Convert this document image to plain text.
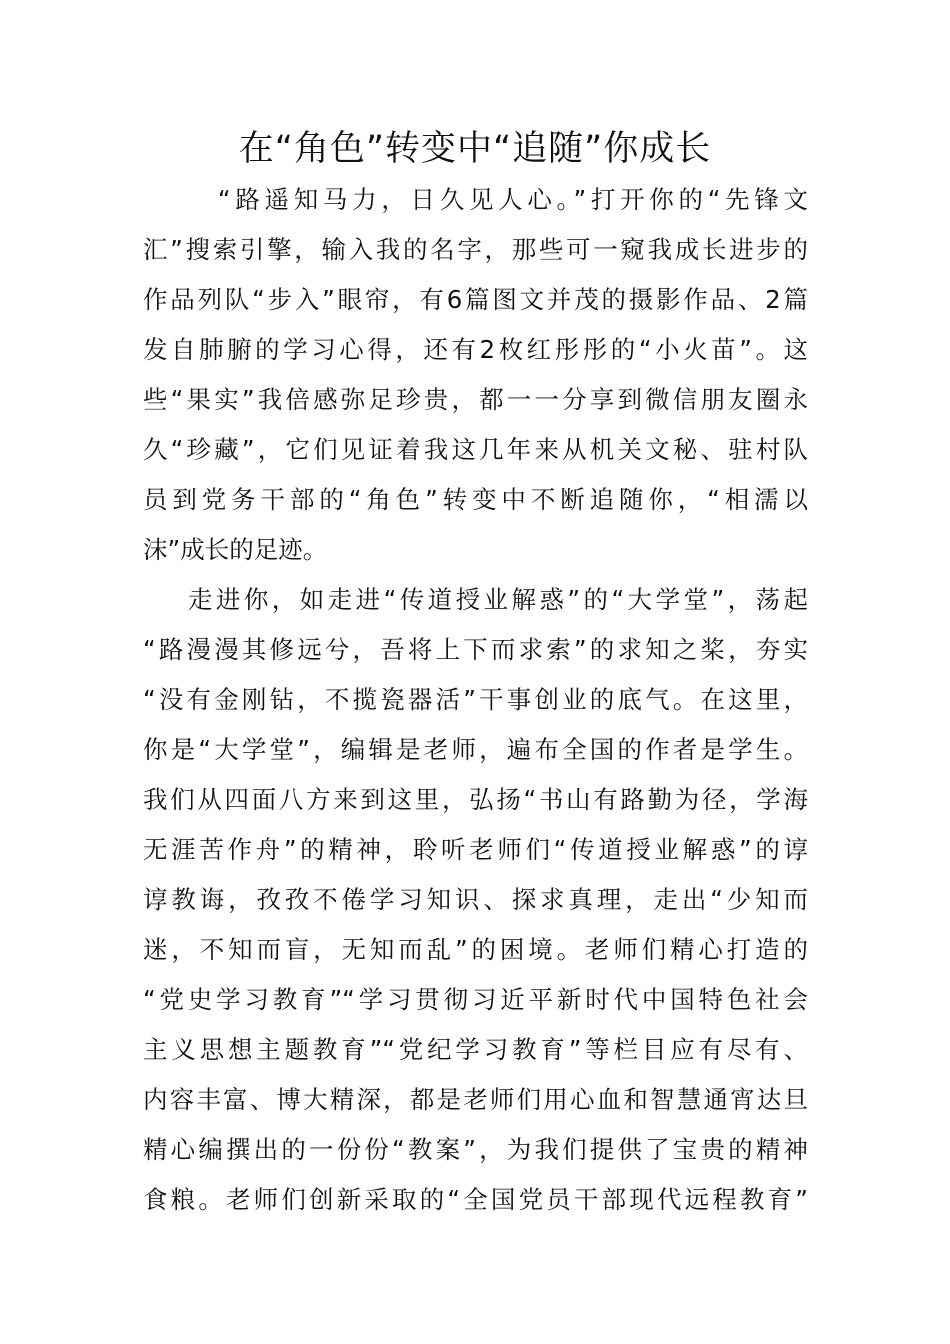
在“角色”转变中“追随”你成长
“路遥知马力，日久见人心。”打开你的“先锋文
汇”搜索引擎，输入我的名字，那些可一窥我成长进步的
作品列队“步入”眼帘，有6篇图文并茂的摄影作品、2篇
发自肺腑的学习心得，还有2枚红彤彤的“小火苗”。这
些“果实”我倍感弥足珍贵，都一一分享到微信朋友圈永
久“珍藏”，它们见证着我这几年来从机关文秘、驻村队
员到党务干部的“角色”转变中不断追随你，“相濡以
沫”成长的足迹。
走进你，如走进“传道授业解惑”的“大学堂”，荡起
“路漫漫其修远兮，吾将上下而求索”的求知之桨，夯实
“没有金刚钻，不揽瓷器活”干事创业的底气。在这里，
你是“大学堂”，编辑是老师，遍布全国的作者是学生。
我们从四面八方来到这里，弘扬“书山有路勤为径，学海
无涯苦作舟”的精神，聆听老师们“传道授业解惑”的谆
谆教诲，孜孜不倦学习知识、探求真理，走出“少知而
迷，不知而盲，无知而乱”的困境。老师们精心打造的
“党史学习教育”“学习贯彻习近平新时代中国特色社会
主义思想主题教育”“党纪学习教育”等栏目应有尽有、
内容丰富、博大精深，都是老师们用心血和智慧通宵达旦
精心编撰出的一份份“教案”，为我们提供了宝贵的精神
食粮。老师们创新采取的“全国党员干部现代远程教育”
